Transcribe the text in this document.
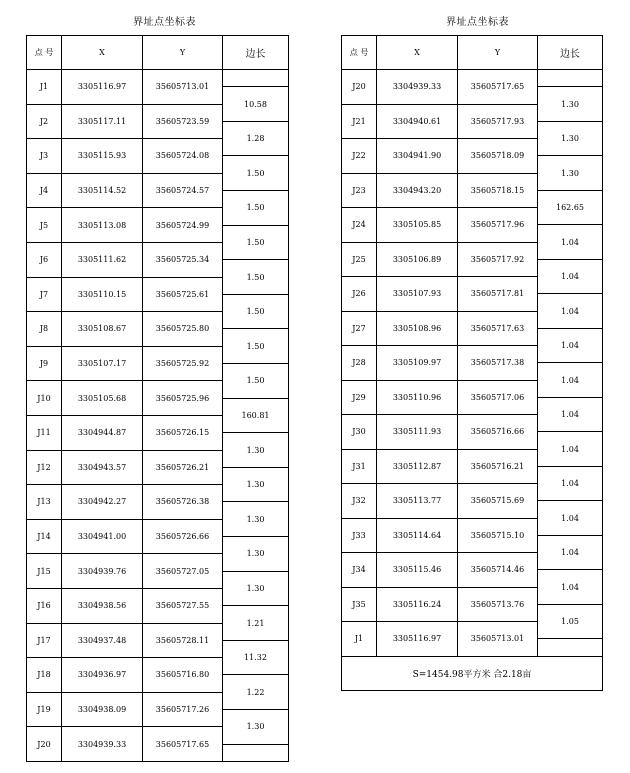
界址点坐标表	界址点坐标表
点 号	X	Y	边长
J1	3305116.97	35605713.01	
			10.58
J2	3305117.11	35605723.59	
			1.28
J3	3305115.93	35605724.08	
			1.50
J4	3305114.52	35605724.57	
			1.50
J5	3305113.08	35605724.99	
			1.50
J6	3305111.62	35605725.34	
			1.50
J7	3305110.15	35605725.61	
			1.50
J8	3305108.67	35605725.80	
			1.50
J9	3305107.17	35605725.92	
			1.50
J10	3305105.68	35605725.96	
			160.81
J11	3304944.87	35605726.15	
			1.30
J12	3304943.57	35605726.21	
			1.30
J13	3304942.27	35605726.38	
			1.30
J14	3304941.00	35605726.66	
			1.30
J15	3304939.76	35605727.05	
			1.30
J16	3304938.56	35605727.55	
			1.21
J17	3304937.48	35605728.11	
			11.32
J18	3304936.97	35605716.80	
			1.22
J19	3304938.09	35605717.26	
			1.30
J20	3304939.33	35605717.65	

点 号	X	Y	边长
J20	3304939.33	35605717.65	
			1.30
J21	3304940.61	35605717.93	
			1.30
J22	3304941.90	35605718.09	
			1.30
J23	3304943.20	35605718.15	
			162.65
J24	3305105.85	35605717.96	
			1.04
J25	3305106.89	35605717.92	
			1.04
J26	3305107.93	35605717.81	
			1.04
J27	3305108.96	35605717.63	
			1.04
J28	3305109.97	35605717.38	
			1.04
J29	3305110.96	35605717.06	
			1.04
J30	3305111.93	35605716.66	
			1.04
J31	3305112.87	35605716.21	
			1.04
J32	3305113.77	35605715.69	
			1.04
J33	3305114.64	35605715.10	
			1.04
J34	3305115.46	35605714.46	
			1.04
J35	3305116.24	35605713.76	
			1.05
J1	3305116.97	35605713.01	

S=1454.98平方米 合2.18亩			
